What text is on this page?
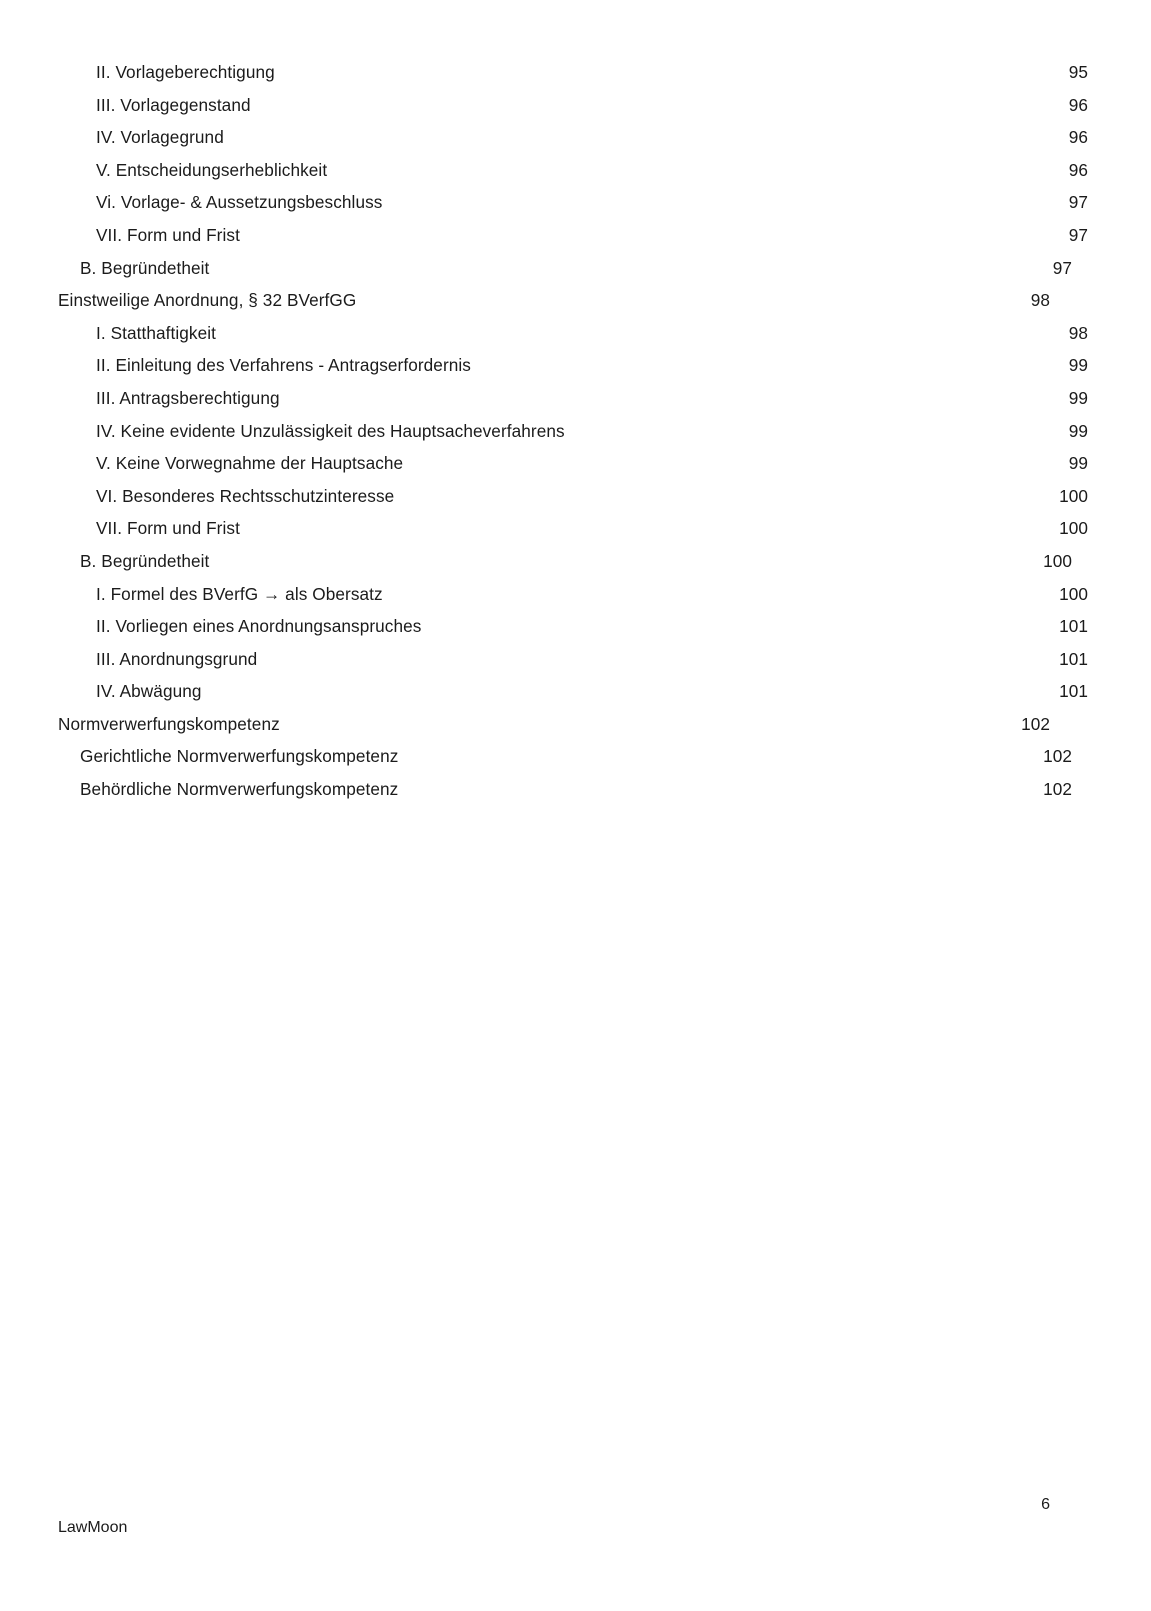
II. Vorlageberechtigung .....	95
III. Vorlagegenstand .....	96
IV. Vorlagegrund .....	96
V. Entscheidungserheblichkeit .....	96
Vi. Vorlage- & Aussetzungsbeschluss .....	97
VII. Form und Frist .....	97
B. Begründetheit .....	97
Einstweilige Anordnung, § 32 BVerfGG .....	98
I. Statthaftigkeit .....	98
II. Einleitung des Verfahrens - Antragserfordernis .....	99
III. Antragsberechtigung .....	99
IV. Keine evidente Unzulässigkeit des Hauptsacheverfahrens .....	99
V. Keine Vorwegnahme der Hauptsache .....	99
VI. Besonderes Rechtsschutzinteresse .....	100
VII. Form und Frist .....	100
B. Begründetheit .....	100
I. Formel des BVerfG → als Obersatz .....	100
II. Vorliegen eines Anordnungsanspruches .....	101
III. Anordnungsgrund .....	101
IV. Abwägung .....	101
Normverwerfungskompetenz .....	102
Gerichtliche Normverwerfungskompetenz .....	102
Behördliche Normverwerfungskompetenz .....	102
6
LawMoon
